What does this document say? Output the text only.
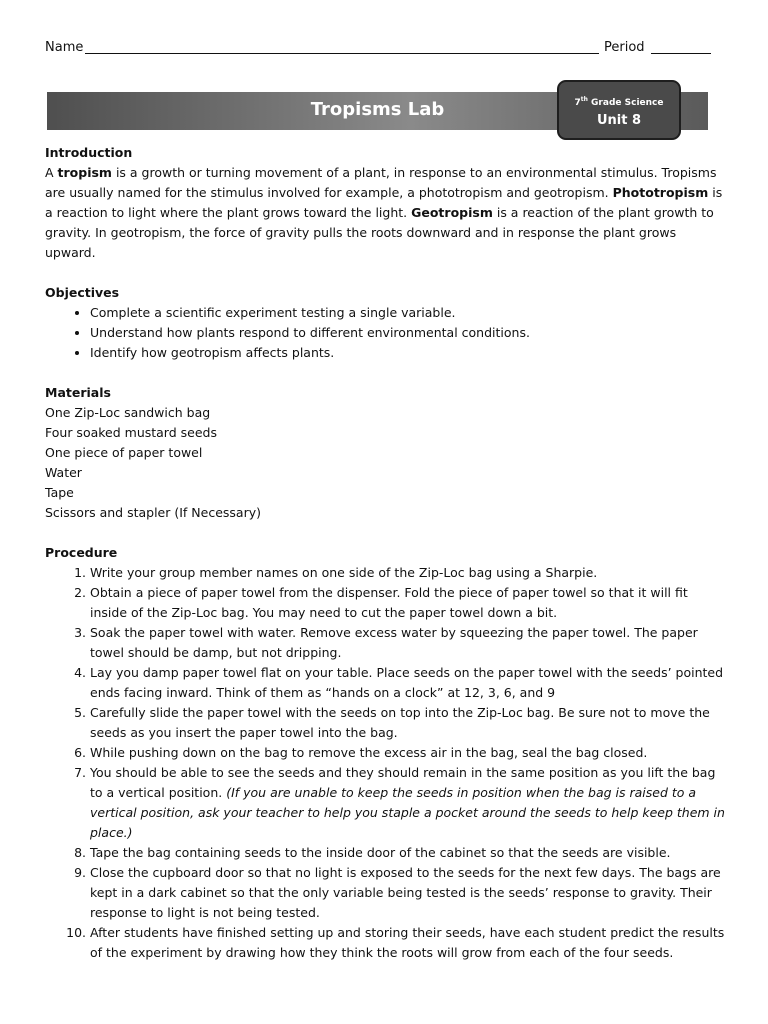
Name	Period
Tropisms Lab	7th Grade Science
Unit 8
Introduction

A tropism is a growth or turning movement of a plant, in response to an environmental stimulus. Tropisms are usually named for the stimulus involved for example, a phototropism and geotropism. Phototropism is a reaction to light where the plant grows toward the light. Geotropism is a reaction of the plant growth to gravity. In geotropism, the force of gravity pulls the roots downward and in response the plant grows upward.

Objectives
• Complete a scientific experiment testing a single variable.
• Understand how plants respond to different environmental conditions.
• Identify how geotropism affects plants.
Materials
One Zip-Loc sandwich bag
Four soaked mustard seeds
One piece of paper towel
Water
Tape
Scissors and stapler (If Necessary)
Procedure
1. Write your group member names on one side of the Zip-Loc bag using a Sharpie.
2. Obtain a piece of paper towel from the dispenser. Fold the piece of paper towel so that it will fit inside of the Zip-Loc bag. You may need to cut the paper towel down a bit.
3. Soak the paper towel with water. Remove excess water by squeezing the paper towel. The paper towel should be damp, but not dripping.
4. Lay you damp paper towel flat on your table. Place seeds on the paper towel with the seeds’ pointed ends facing inward. Think of them as “hands on a clock” at 12, 3, 6, and 9
5. Carefully slide the paper towel with the seeds on top into the Zip-Loc bag. Be sure not to move the seeds as you insert the paper towel into the bag.
6. While pushing down on the bag to remove the excess air in the bag, seal the bag closed.
7. You should be able to see the seeds and they should remain in the same position as you lift the bag to a vertical position. (If you are unable to keep the seeds in position when the bag is raised to a vertical position, ask your teacher to help you staple a pocket around the seeds to help keep them in place.)
8. Tape the bag containing seeds to the inside door of the cabinet so that the seeds are visible.
9. Close the cupboard door so that no light is exposed to the seeds for the next few days. The bags are kept in a dark cabinet so that the only variable being tested is the seeds’ response to gravity. Their response to light is not being tested.
10. After students have finished setting up and storing their seeds, have each student predict the results of the experiment by drawing how they think the roots will grow from each of the four seeds.
